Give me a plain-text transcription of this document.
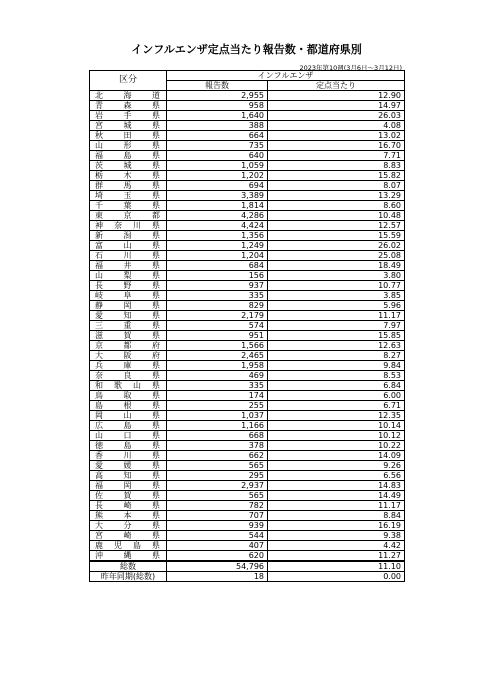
インフルエンザ定点当たり報告数・都道府県別
2023年第10週(3月6日～3月12日)
区分	インフルエンザ	
	報告数	定点当たり

北 海 道	2,955	12.90

青 森 県	958	14.97

岩 手 県	1,640	26.03

宮 城 県	388	4.08

秋 田 県	664	13.02

山 形 県	735	16.70

福 島 県	640	7.71

茨 城 県	1,059	8.83

栃 木 県	1,202	15.82

群 馬 県	694	8.07

埼 玉 県	3,389	13.29

千 葉 県	1,814	8.60

東 京 都	4,286	10.48

神 奈 川 県	4,424	12.57

新 潟 県	1,356	15.59

富 山 県	1,249	26.02

石 川 県	1,204	25.08

福 井 県	684	18.49

山 梨 県	156	3.80

長 野 県	937	10.77

岐 阜 県	335	3.85

静 岡 県	829	5.96

愛 知 県	2,179	11.17

三 重 県	574	7.97

滋 賀 県	951	15.85

京 都 府	1,566	12.63

大 阪 府	2,465	8.27

兵 庫 県	1,958	9.84

奈 良 県	469	8.53

和 歌 山 県	335	6.84

鳥 取 県	174	6.00

島 根 県	255	6.71

岡 山 県	1,037	12.35

広 島 県	1,166	10.14

山 口 県	668	10.12

徳 島 県	378	10.22

香 川 県	662	14.09

愛 媛 県	565	9.26

高 知 県	295	6.56

福 岡 県	2,937	14.83

佐 賀 県	565	14.49

長 崎 県	782	11.17

熊 本 県	707	8.84

大 分 県	939	16.19

宮 崎 県	544	9.38

鹿 児 島 県	407	4.42

沖 縄 県	620	11.27
総数	54,796	11.10
昨年同期(総数)	18	0.00
